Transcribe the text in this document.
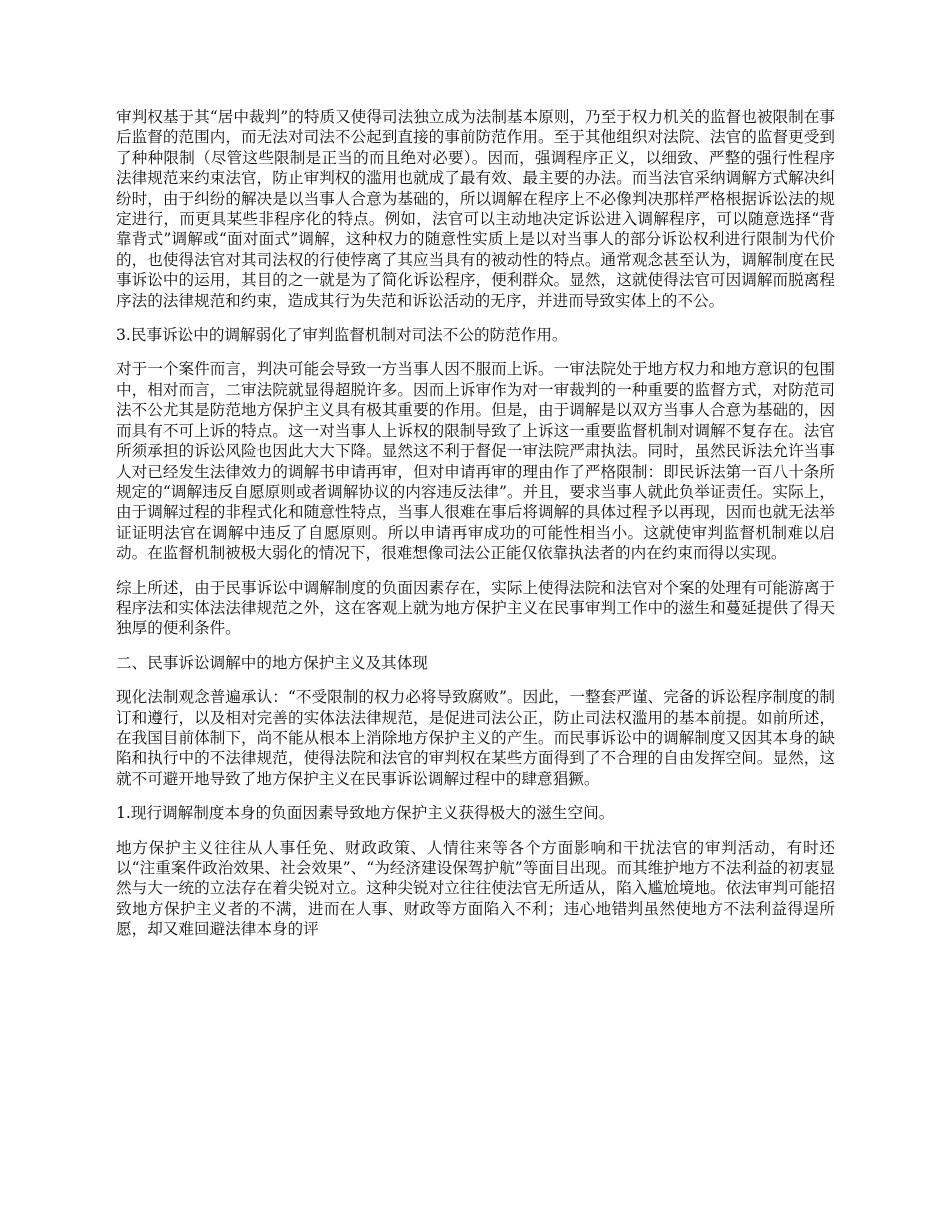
审判权基于其“居中裁判”的特质又使得司法独立成为法制基本原则，乃至于权力机关的监督也被限制在事后监督的范围内，而无法对司法不公起到直接的事前防范作用。至于其他组织对法院、法官的监督更受到了种种限制（尽管这些限制是正当的而且绝对必要）。因而，强调程序正义，以细致、严整的强行性程序法律规范来约束法官，防止审判权的滥用也就成了最有效、最主要的办法。而当法官采纳调解方式解决纠纷时，由于纠纷的解决是以当事人合意为基础的，所以调解在程序上不必像判决那样严格根据诉讼法的规定进行，而更具某些非程序化的特点。例如，法官可以主动地决定诉讼进入调解程序，可以随意选择“背靠背式”调解或“面对面式”调解，这种权力的随意性实质上是以对当事人的部分诉讼权利进行限制为代价的，也使得法官对其司法权的行使悖离了其应当具有的被动性的特点。通常观念甚至认为，调解制度在民事诉讼中的运用，其目的之一就是为了简化诉讼程序，便利群众。显然，这就使得法官可因调解而脱离程序法的法律规范和约束，造成其行为失范和诉讼活动的无序，并进而导致实体上的不公。

3.民事诉讼中的调解弱化了审判监督机制对司法不公的防范作用。

对于一个案件而言，判决可能会导致一方当事人因不服而上诉。一审法院处于地方权力和地方意识的包围中，相对而言，二审法院就显得超脱许多。因而上诉审作为对一审裁判的一种重要的监督方式，对防范司法不公尤其是防范地方保护主义具有极其重要的作用。但是，由于调解是以双方当事人合意为基础的，因而具有不可上诉的特点。这一对当事人上诉权的限制导致了上诉这一重要监督机制对调解不复存在。法官所须承担的诉讼风险也因此大大下降。显然这不利于督促一审法院严肃执法。同时，虽然民诉法允许当事人对已经发生法律效力的调解书申请再审，但对申请再审的理由作了严格限制：即民诉法第一百八十条所规定的“调解违反自愿原则或者调解协议的内容违反法律”。并且，要求当事人就此负举证责任。实际上，由于调解过程的非程式化和随意性特点，当事人很难在事后将调解的具体过程予以再现，因而也就无法举证证明法官在调解中违反了自愿原则。所以申请再审成功的可能性相当小。这就使审判监督机制难以启动。在监督机制被极大弱化的情况下，很难想像司法公正能仅依靠执法者的内在约束而得以实现。

综上所述，由于民事诉讼中调解制度的负面因素存在，实际上使得法院和法官对个案的处理有可能游离于程序法和实体法法律规范之外，这在客观上就为地方保护主义在民事审判工作中的滋生和蔓延提供了得天独厚的便利条件。

二、民事诉讼调解中的地方保护主义及其体现

现化法制观念普遍承认：“不受限制的权力必将导致腐败”。因此，一整套严谨、完备的诉讼程序制度的制订和遵行，以及相对完善的实体法法律规范，是促进司法公正，防止司法权滥用的基本前提。如前所述，在我国目前体制下，尚不能从根本上消除地方保护主义的产生。而民事诉讼中的调解制度又因其本身的缺陷和执行中的不法律规范，使得法院和法官的审判权在某些方面得到了不合理的自由发挥空间。显然，这就不可避开地导致了地方保护主义在民事诉讼调解过程中的肆意猖獗。

1.现行调解制度本身的负面因素导致地方保护主义获得极大的滋生空间。

地方保护主义往往从人事任免、财政政策、人情往来等各个方面影响和干扰法官的审判活动，有时还以“注重案件政治效果、社会效果”、“为经济建设保驾护航”等面目出现。而其维护地方不法利益的初衷显然与大一统的立法存在着尖锐对立。这种尖锐对立往往使法官无所适从，陷入尴尬境地。依法审判可能招致地方保护主义者的不满，进而在人事、财政等方面陷入不利；违心地错判虽然使地方不法利益得逞所愿，却又难回避法律本身的评
